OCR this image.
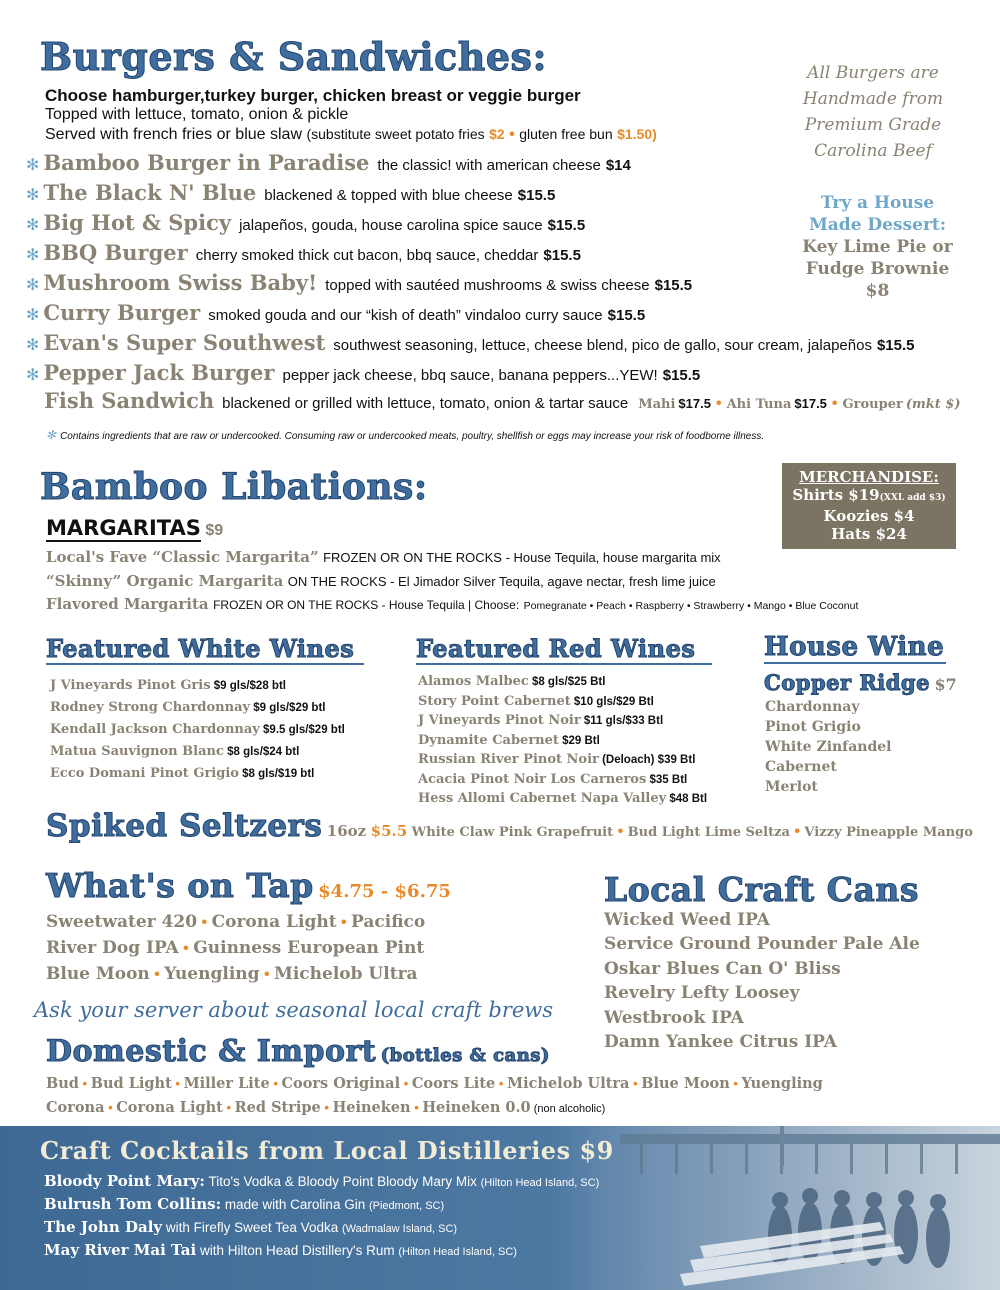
Burgers & Sandwiches:
Choose hamburger,turkey burger, chicken breast or veggie burger
Topped with lettuce, tomato, onion & pickle
Served with french fries or blue slaw (substitute sweet potato fries $2 • gluten free bun $1.50)
✻ Bamboo Burger in Paradise the classic! with american cheese $14
✻ The Black N' Blue blackened & topped with blue cheese $15.5
✻ Big Hot & Spicy jalapeños, gouda, house carolina spice sauce $15.5
✻ BBQ Burger cherry smoked thick cut bacon, bbq sauce, cheddar $15.5
✻ Mushroom Swiss Baby! topped with sautéed mushrooms & swiss cheese $15.5
✻ Curry Burger smoked gouda and our “kish of death” vindaloo curry sauce $15.5
✻ Evan's Super Southwest southwest seasoning, lettuce, cheese blend, pico de gallo, sour cream, jalapeños $15.5
✻ Pepper Jack Burger pepper jack cheese, bbq sauce, banana peppers...YEW! $15.5
Fish Sandwich blackened or grilled with lettuce, tomato, onion & tartar sauce Mahi $17.5 • Ahi Tuna $17.5 • Grouper (mkt $)
✻ Contains ingredients that are raw or undercooked. Consuming raw or undercooked meats, poultry, shellfish or eggs may increase your risk of foodborne illness.
All Burgers are
Handmade from
Premium Grade
Carolina Beef
Try a House
Made Dessert:
Key Lime Pie or
Fudge Brownie
$8
Bamboo Libations:
MARGARITAS $9
Local's Fave “Classic Margarita” FROZEN OR ON THE ROCKS - House Tequila, house margarita mix
“Skinny” Organic Margarita ON THE ROCKS - El Jimador Silver Tequila, agave nectar, fresh lime juice
Flavored Margarita FROZEN OR ON THE ROCKS - House Tequila | Choose: Pomegranate • Peach • Raspberry • Strawberry • Mango • Blue Coconut
MERCHANDISE:
Shirts $19(XXL add $3)
Koozies $4
Hats $24
Featured White Wines
J Vineyards Pinot Gris $9 gls/$28 btl
Rodney Strong Chardonnay $9 gls/$29 btl
Kendall Jackson Chardonnay $9.5 gls/$29 btl
Matua Sauvignon Blanc $8 gls/$24 btl
Ecco Domani Pinot Grigio $8 gls/$19 btl
Featured Red Wines
Alamos Malbec $8 gls/$25 Btl
Story Point Cabernet $10 gls/$29 Btl
J Vineyards Pinot Noir $11 gls/$33 Btl
Dynamite Cabernet $29 Btl
Russian River Pinot Noir (Deloach) $39 Btl
Acacia Pinot Noir Los Carneros $35 Btl
Hess Allomi Cabernet Napa Valley $48 Btl
House Wine
Copper Ridge $7
Chardonnay
Pinot Grigio
White Zinfandel
Cabernet
Merlot
Spiked Seltzers 16oz $5.5 White Claw Pink Grapefruit • Bud Light Lime Seltza • Vizzy Pineapple Mango
What's on Tap $4.75 - $6.75
Sweetwater 420 • Corona Light • Pacifico
River Dog IPA • Guinness European Pint
Blue Moon • Yuengling • Michelob Ultra
Ask your server about seasonal local craft brews
Local Craft Cans
Wicked Weed IPA
Service Ground Pounder Pale Ale
Oskar Blues Can O' Bliss
Revelry Lefty Loosey
Westbrook IPA
Damn Yankee Citrus IPA
Domestic & Import (bottles & cans)
Bud • Bud Light • Miller Lite • Coors Original • Coors Lite • Michelob Ultra • Blue Moon • Yuengling
Corona • Corona Light • Red Stripe • Heineken • Heineken 0.0 (non alcoholic)
Craft Cocktails from Local Distilleries $9
Bloody Point Mary: Tito's Vodka & Bloody Point Bloody Mary Mix (Hilton Head Island, SC)
Bulrush Tom Collins: made with Carolina Gin (Piedmont, SC)
The John Daly with Firefly Sweet Tea Vodka (Wadmalaw Island, SC)
May River Mai Tai with Hilton Head Distillery's Rum (Hilton Head Island, SC)
